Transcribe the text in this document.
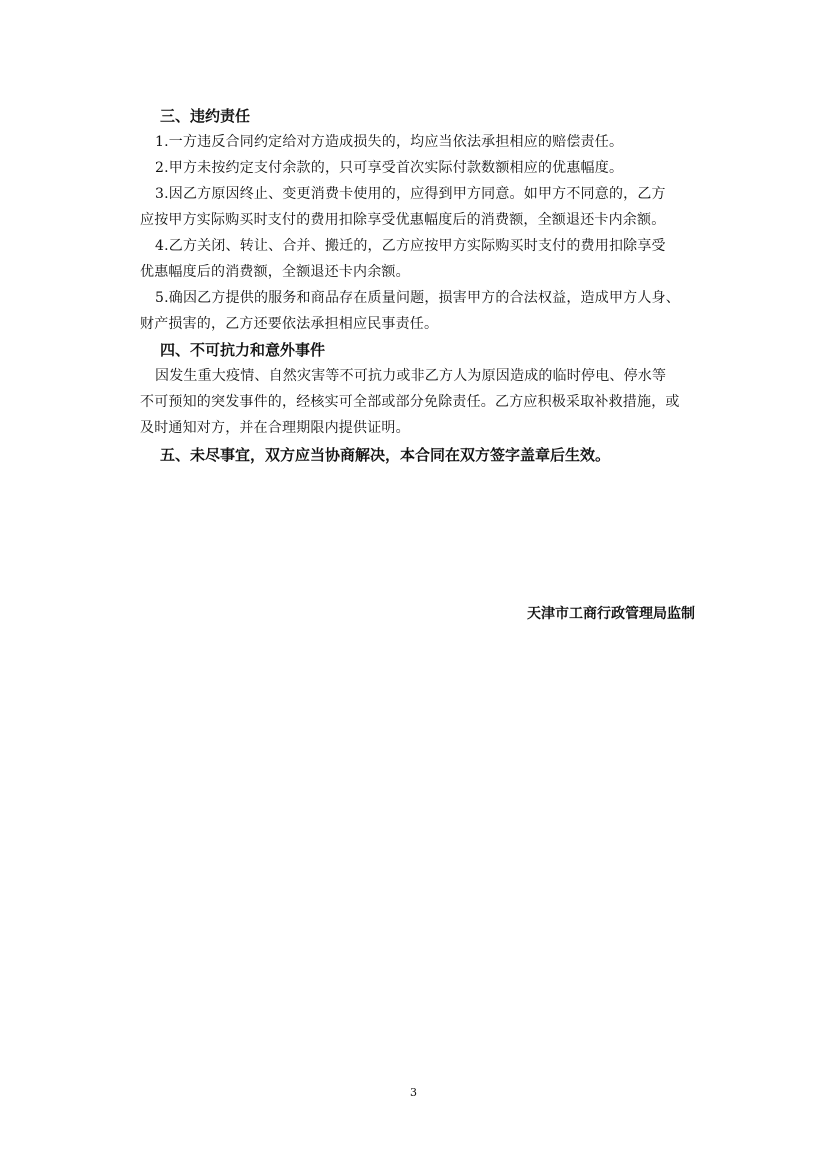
三、违约责任

1.一方违反合同约定给对方造成损失的，均应当依法承担相应的赔偿责任。

2.甲方未按约定支付余款的，只可享受首次实际付款数额相应的优惠幅度。

3.因乙方原因终止、变更消费卡使用的，应得到甲方同意。如甲方不同意的，乙方

应按甲方实际购买时支付的费用扣除享受优惠幅度后的消费额，全额退还卡内余额。

4.乙方关闭、转让、合并、搬迁的，乙方应按甲方实际购买时支付的费用扣除享受

优惠幅度后的消费额，全额退还卡内余额。

5.确因乙方提供的服务和商品存在质量问题，损害甲方的合法权益，造成甲方人身、

财产损害的，乙方还要依法承担相应民事责任。

四、不可抗力和意外事件

因发生重大疫情、自然灾害等不可抗力或非乙方人为原因造成的临时停电、停水等

不可预知的突发事件的，经核实可全部或部分免除责任。乙方应积极采取补救措施，或

及时通知对方，并在合理期限内提供证明。

五、未尽事宜，双方应当协商解决，本合同在双方签字盖章后生效。
天津市工商行政管理局监制
3
